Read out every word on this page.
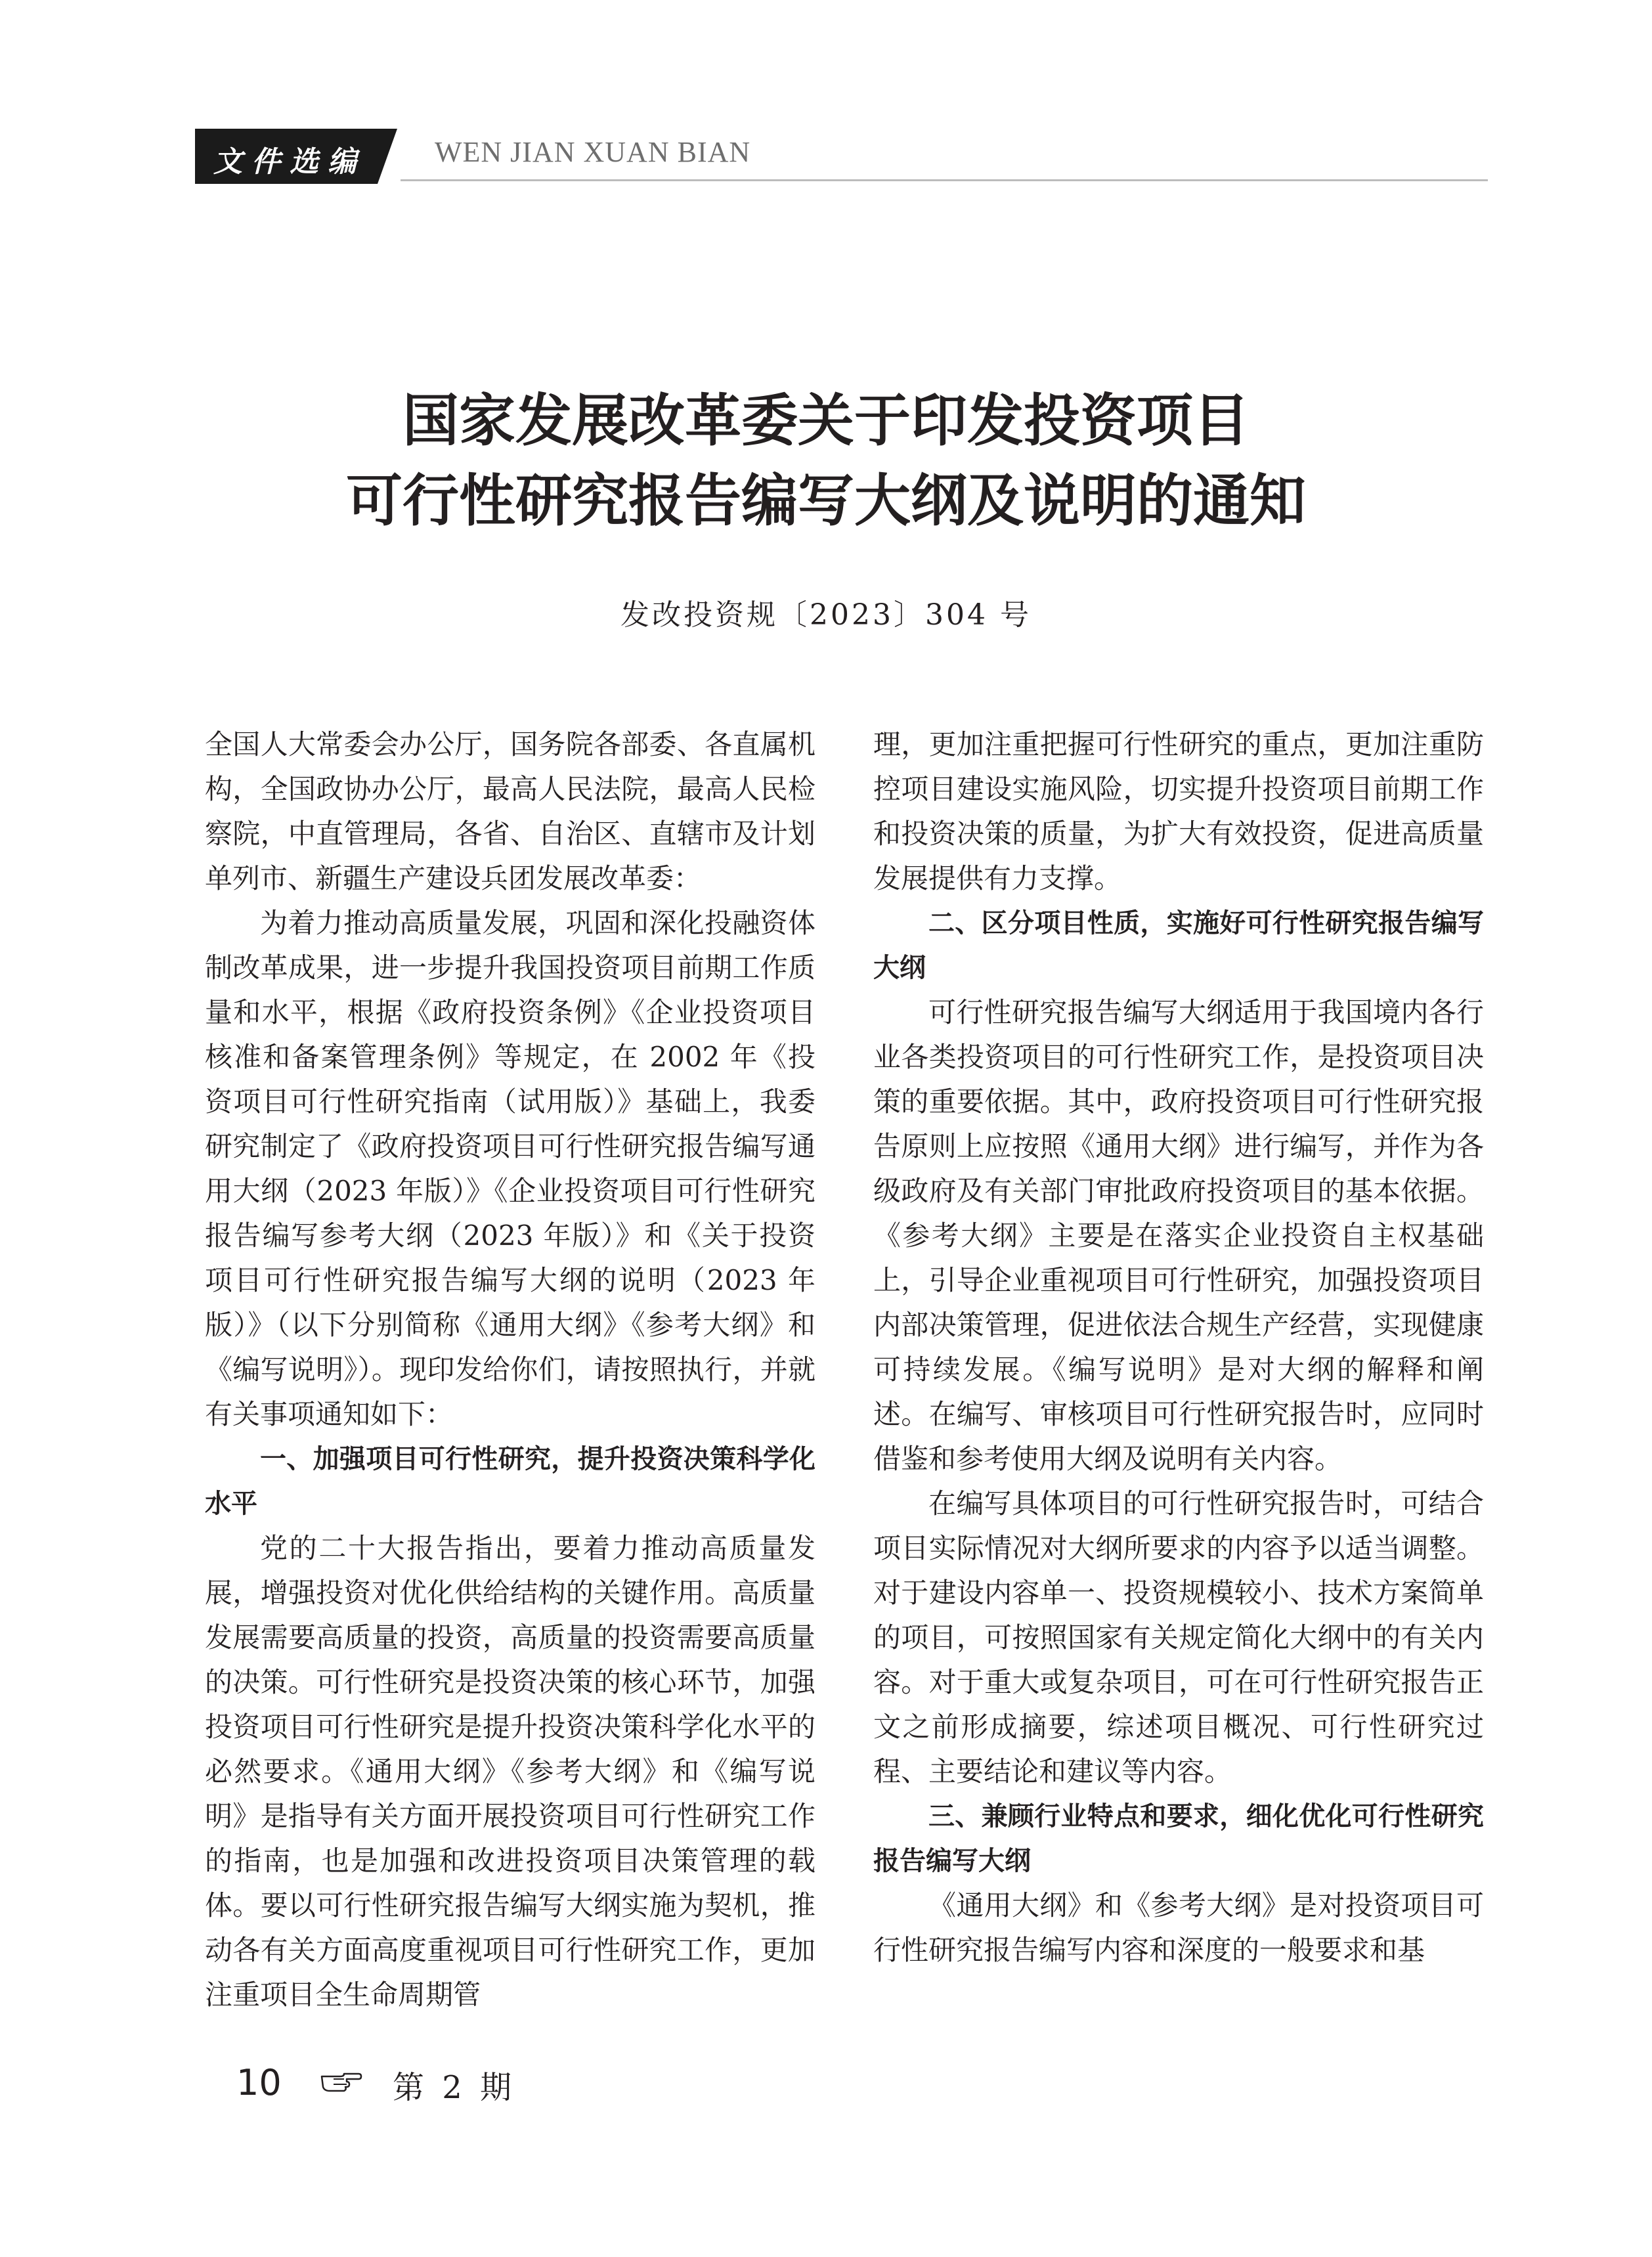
文件选编 WEN JIAN XUAN BIAN
国家发展改革委关于印发投资项目
可行性研究报告编写大纲及说明的通知
发改投资规〔2023〕304 号

全国人大常委会办公厅，国务院各部委、各直属机构，全国政协办公厅，最高人民法院，最高人民检察院，中直管理局，各省、自治区、直辖市及计划单列市、新疆生产建设兵团发展改革委：

为着力推动高质量发展，巩固和深化投融资体制改革成果，进一步提升我国投资项目前期工作质量和水平，根据《政府投资条例》《企业投资项目核准和备案管理条例》等规定，在 2002 年《投资项目可行性研究指南（试用版）》基础上，我委研究制定了《政府投资项目可行性研究报告编写通用大纲（2023 年版）》《企业投资项目可行性研究报告编写参考大纲（2023 年版）》和《关于投资项目可行性研究报告编写大纲的说明（2023 年版）》（以下分别简称《通用大纲》《参考大纲》和《编写说明》）。现印发给你们，请按照执行，并就有关事项通知如下：

一、加强项目可行性研究，提升投资决策科学化水平

党的二十大报告指出，要着力推动高质量发展，增强投资对优化供给结构的关键作用。高质量发展需要高质量的投资，高质量的投资需要高质量的决策。可行性研究是投资决策的核心环节，加强投资项目可行性研究是提升投资决策科学化水平的必然要求。《通用大纲》《参考大纲》和《编写说明》是指导有关方面开展投资项目可行性研究工作的指南，也是加强和改进投资项目决策管理的载体。要以可行性研究报告编写大纲实施为契机，推动各有关方面高度重视项目可行性研究工作，更加注重项目全生命周期管

理，更加注重把握可行性研究的重点，更加注重防控项目建设实施风险，切实提升投资项目前期工作和投资决策的质量，为扩大有效投资，促进高质量发展提供有力支撑。

二、区分项目性质，实施好可行性研究报告编写大纲

可行性研究报告编写大纲适用于我国境内各行业各类投资项目的可行性研究工作，是投资项目决策的重要依据。其中，政府投资项目可行性研究报告原则上应按照《通用大纲》进行编写，并作为各级政府及有关部门审批政府投资项目的基本依据。《参考大纲》主要是在落实企业投资自主权基础上，引导企业重视项目可行性研究，加强投资项目内部决策管理，促进依法合规生产经营，实现健康可持续发展。《编写说明》是对大纲的解释和阐述。在编写、审核项目可行性研究报告时，应同时借鉴和参考使用大纲及说明有关内容。

在编写具体项目的可行性研究报告时，可结合项目实际情况对大纲所要求的内容予以适当调整。对于建设内容单一、投资规模较小、技术方案简单的项目，可按照国家有关规定简化大纲中的有关内容。对于重大或复杂项目，可在可行性研究报告正文之前形成摘要，综述项目概况、可行性研究过程、主要结论和建议等内容。

三、兼顾行业特点和要求，细化优化可行性研究报告编写大纲

《通用大纲》和《参考大纲》是对投资项目可行性研究报告编写内容和深度的一般要求和基

10	第 2 期
